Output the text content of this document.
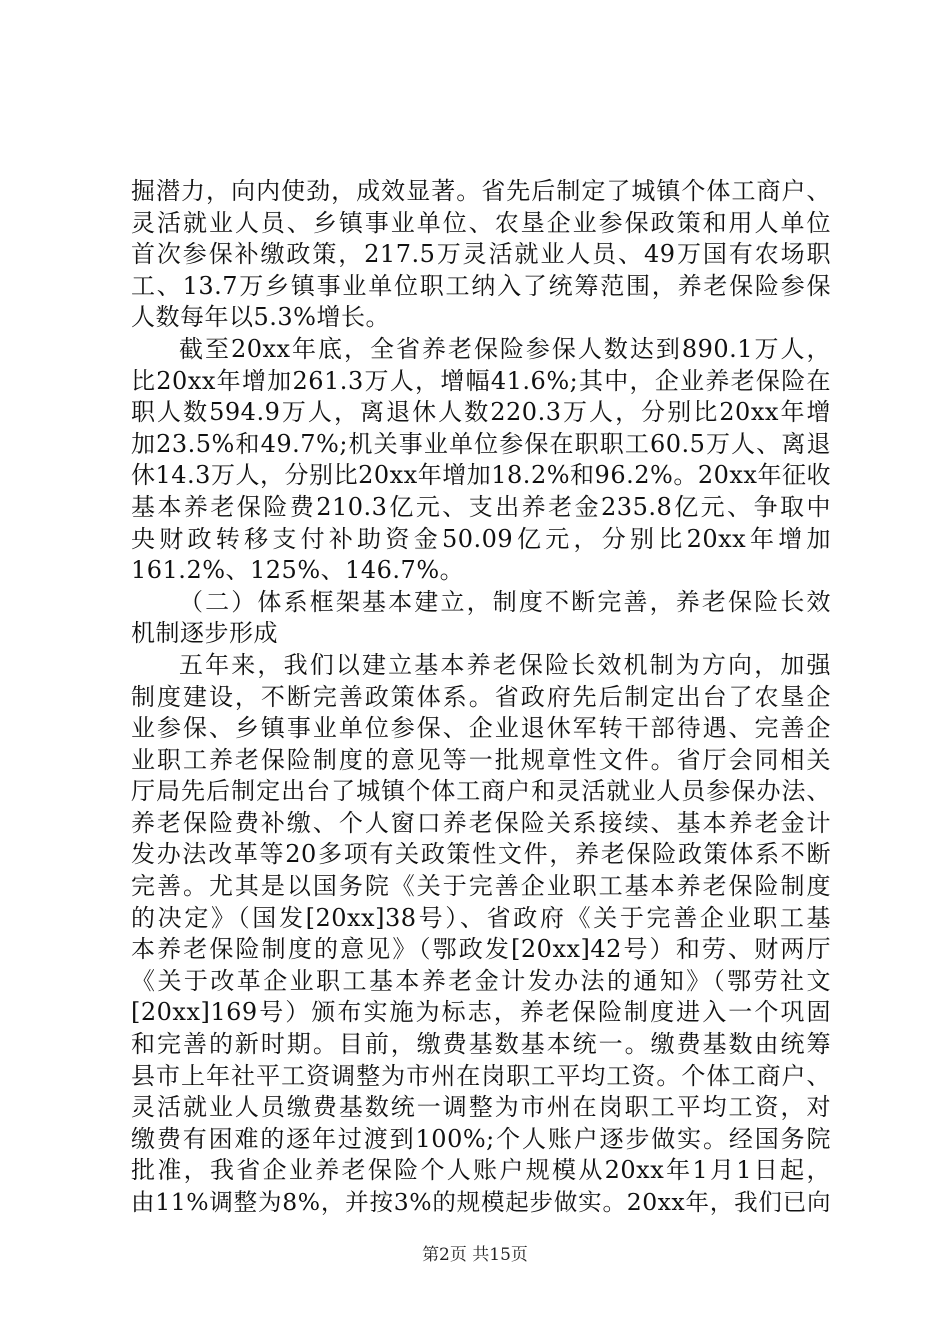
掘潜力，向内使劲，成效显著。省先后制定了城镇个体工商户、
灵活就业人员、乡镇事业单位、农垦企业参保政策和用人单位
首次参保补缴政策，217.5万灵活就业人员、49万国有农场职
工、13.7万乡镇事业单位职工纳入了统筹范围，养老保险参保
人数每年以5.3%增长。
截至20xx年底，全省养老保险参保人数达到890.1万人，
比20xx年增加261.3万人，增幅41.6%;其中，企业养老保险在
职人数594.9万人，离退休人数220.3万人，分别比20xx年增
加23.5%和49.7%;机关事业单位参保在职职工60.5万人、离退
休14.3万人，分别比20xx年增加18.2%和96.2%。20xx年征收
基本养老保险费210.3亿元、支出养老金235.8亿元、争取中
央财政转移支付补助资金50.09亿元，分别比20xx年增加
161.2%、125%、146.7%。
（二）体系框架基本建立，制度不断完善，养老保险长效
机制逐步形成
五年来，我们以建立基本养老保险长效机制为方向，加强
制度建设，不断完善政策体系。省政府先后制定出台了农垦企
业参保、乡镇事业单位参保、企业退休军转干部待遇、完善企
业职工养老保险制度的意见等一批规章性文件。省厅会同相关
厅局先后制定出台了城镇个体工商户和灵活就业人员参保办法、
养老保险费补缴、个人窗口养老保险关系接续、基本养老金计
发办法改革等20多项有关政策性文件，养老保险政策体系不断
完善。尤其是以国务院《关于完善企业职工基本养老保险制度
的决定》（国发[20xx]38号）、省政府《关于完善企业职工基
本养老保险制度的意见》（鄂政发[20xx]42号）和劳、财两厅
《关于改革企业职工基本养老金计发办法的通知》（鄂劳社文
[20xx]169号）颁布实施为标志，养老保险制度进入一个巩固
和完善的新时期。目前，缴费基数基本统一。缴费基数由统筹
县市上年社平工资调整为市州在岗职工平均工资。个体工商户、
灵活就业人员缴费基数统一调整为市州在岗职工平均工资，对
缴费有困难的逐年过渡到100%;个人账户逐步做实。经国务院
批准，我省企业养老保险个人账户规模从20xx年1月1日起，
由11%调整为8%，并按3%的规模起步做实。20xx年，我们已向
第2页 共15页
